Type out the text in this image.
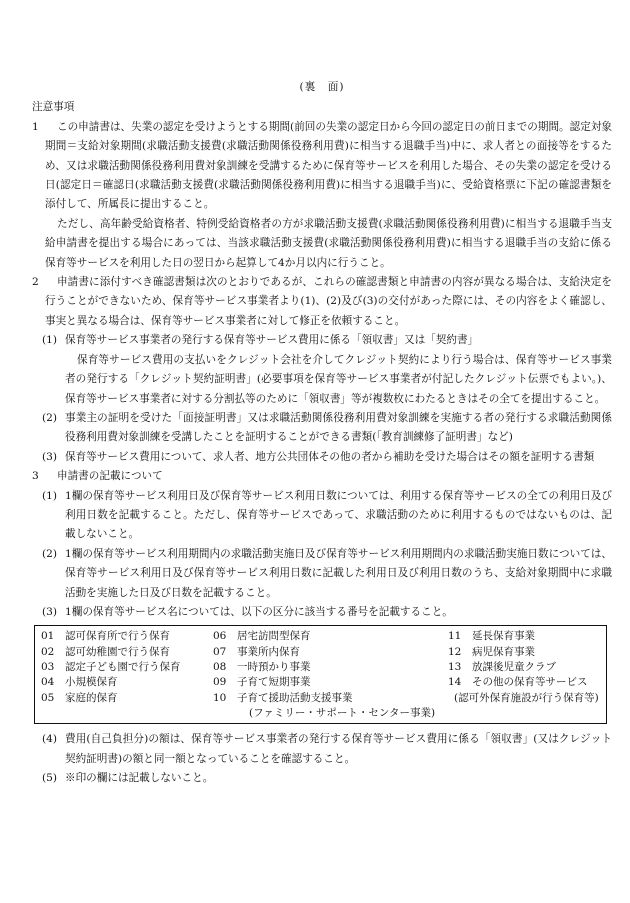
(裏　面)
注意事項
1	この申請書は、失業の認定を受けようとする期間(前回の失業の認定日から今回の認定日の前日までの期間。認定対象期間＝支給対象期間(求職活動支援費(求職活動関係役務利用費)に相当する退職手当)中に、求人者との面接等をするため、又は求職活動関係役務利用費対象訓練を受講するために保育等サービスを利用した場合、その失業の認定を受ける日(認定日＝確認日(求職活動支援費(求職活動関係役務利用費)に相当する退職手当)に、受給資格票に下記の確認書類を添付して、所属長に提出すること。

ただし、高年齢受給資格者、特例受給資格者の方が求職活動支援費(求職活動関係役務利用費)に相当する退職手当支給申請書を提出する場合にあっては、当該求職活動支援費(求職活動関係役務利用費)に相当する退職手当の支給に係る保育等サービスを利用した日の翌日から起算して4か月以内に行うこと。

2	申請書に添付すべき確認書類は次のとおりであるが、これらの確認書類と申請書の内容が異なる場合は、支給決定を行うことができないため、保育等サービス事業者より(1)、(2)及び(3)の交付があった際には、その内容をよく確認し、事実と異なる場合は、保育等サービス事業者に対して修正を依頼すること。

(1) 保育等サービス事業者の発行する保育等サービス費用に係る「領収書」又は「契約書」

保育等サービス費用の支払いをクレジット会社を介してクレジット契約により行う場合は、保育等サービス事業者の発行する「クレジット契約証明書」(必要事項を保育等サービス事業者が付記したクレジット伝票でもよい。)、保育等サービス事業者に対する分割払等のために「領収書」等が複数枚にわたるときはその全てを提出すること。

(2) 事業主の証明を受けた「面接証明書」又は求職活動関係役務利用費対象訓練を実施する者の発行する求職活動関係役務利用費対象訓練を受講したことを証明することができる書類(「教育訓練修了証明書」など)

(3) 保育等サービス費用について、求人者、地方公共団体その他の者から補助を受けた場合はその額を証明する書類

3	申請書の記載について

(1) 1欄の保育等サービス利用日及び保育等サービス利用日数については、利用する保育等サービスの全ての利用日及び利用日数を記載すること。ただし、保育等サービスであって、求職活動のために利用するものではないものは、記載しないこと。

(2) 1欄の保育等サービス利用期間内の求職活動実施日及び保育等サービス利用期間内の求職活動実施日数については、保育等サービス利用日及び保育等サービス利用日数に記載した利用日及び利用日数のうち、支給対象期間中に求職活動を実施した日及び日数を記載すること。

(3) 1欄の保育等サービス名については、以下の区分に該当する番号を記載すること。

01 認可保育所で行う保育
02 認可幼稚園で行う保育
03 認定子ども園で行う保育
04 小規模保育
05 家庭的保育
06 居宅訪問型保育
07 事業所内保育
08 一時預かり事業
09 子育て短期事業
10 子育て援助活動支援事業
(ファミリー・サポート・センター事業)
11 延長保育事業
12 病児保育事業
13 放課後児童クラブ
14 その他の保育等サービス
(認可外保育施設が行う保育等)
(4) 費用(自己負担分)の額は、保育等サービス事業者の発行する保育等サービス費用に係る「領収書」(又はクレジット契約証明書)の額と同一額となっていることを確認すること。

(5) ※印の欄には記載しないこと。
